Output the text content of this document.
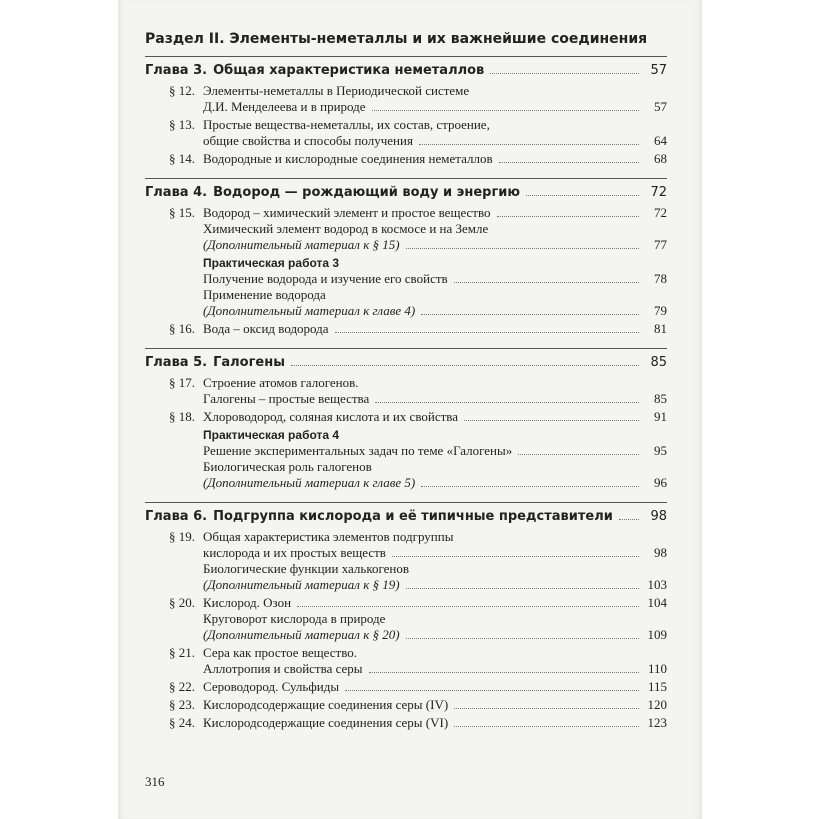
Раздел II. Элементы-неметаллы и их важнейшие соединения
Глава 3. Общая характеристика неметаллов	57
§ 12. Элементы-неметаллы в Периодической системе
Д.И. Менделеева и в природе	57
§ 13. Простые вещества-неметаллы, их состав, строение,
общие свойства и способы получения	64
§ 14. Водородные и кислородные соединения неметаллов	68
Глава 4. Водород — рождающий воду и энергию	72
§ 15. Водород – химический элемент и простое вещество	72
Химический элемент водород в космосе и на Земле
(Дополнительный материал к § 15)	77
Практическая работа 3
Получение водорода и изучение его свойств	78
Применение водорода
(Дополнительный материал к главе 4)	79
§ 16. Вода – оксид водорода	81
Глава 5. Галогены	85
§ 17. Строение атомов галогенов.
Галогены – простые вещества	85
§ 18. Хлороводород, соляная кислота и их свойства	91
Практическая работа 4
Решение экспериментальных задач по теме «Галогены»	95
Биологическая роль галогенов
(Дополнительный материал к главе 5)	96
Глава 6. Подгруппа кислорода и её типичные представители	98
§ 19. Общая характеристика элементов подгруппы
кислорода и их простых веществ	98
Биологические функции халькогенов
(Дополнительный материал к § 19)	103
§ 20. Кислород. Озон	104
Круговорот кислорода в природе
(Дополнительный материал к § 20)	109
§ 21. Сера как простое вещество.
Аллотропия и свойства серы	110
§ 22. Сероводород. Сульфиды	115
§ 23. Кислородсодержащие соединения серы (IV)	120
§ 24. Кислородсодержащие соединения серы (VI)	123
316
